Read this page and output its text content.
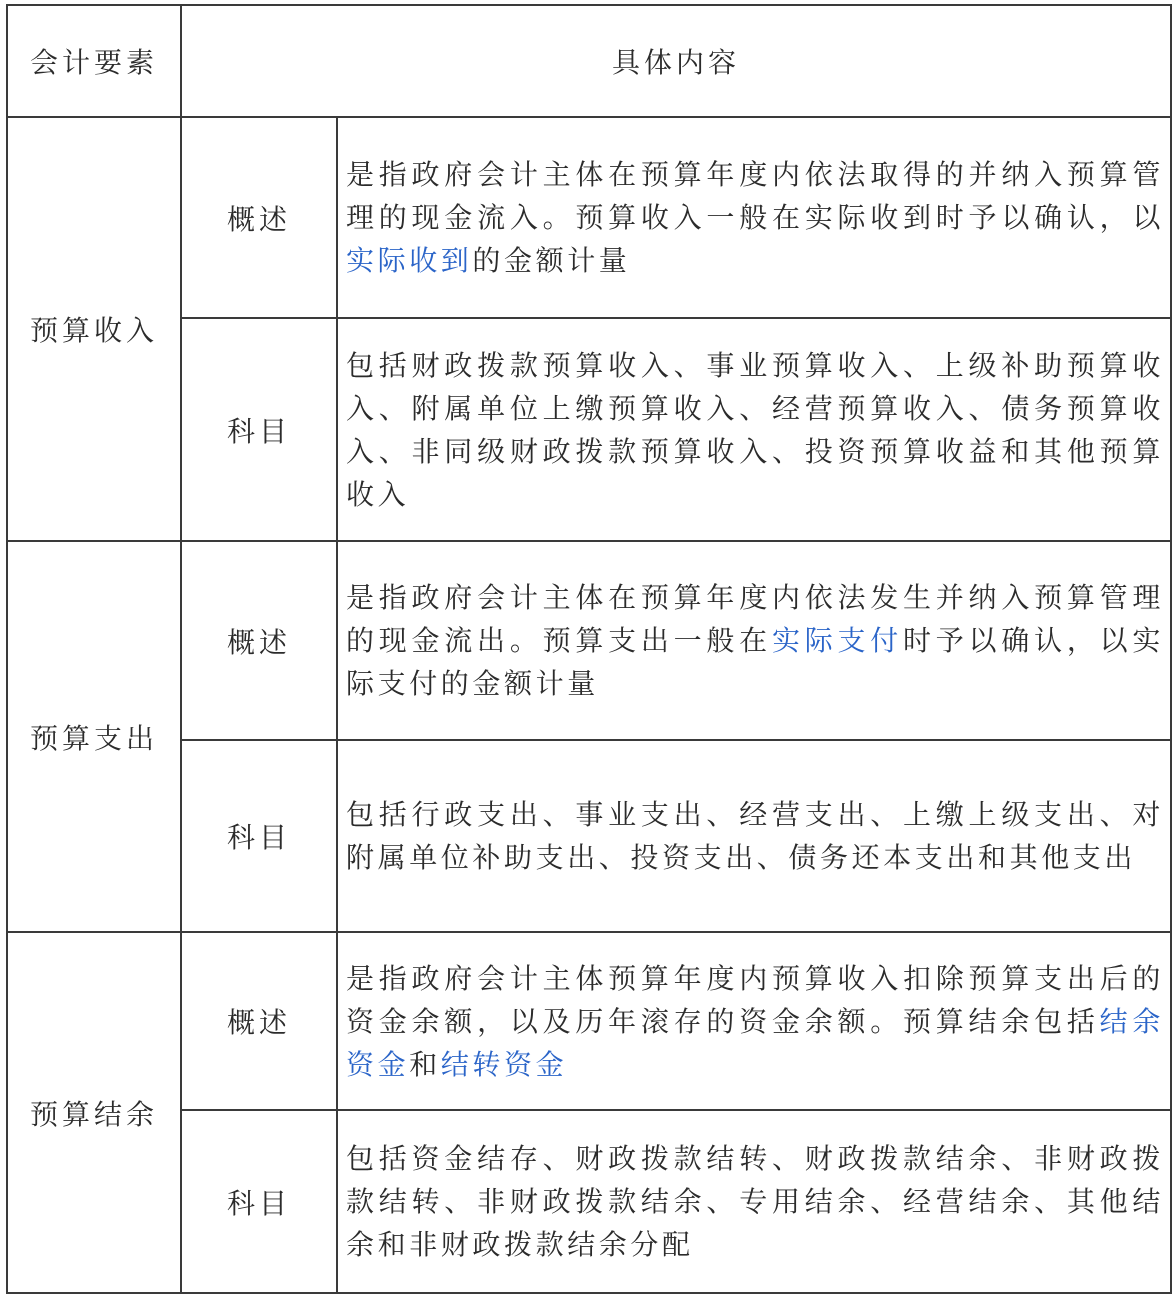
会计要素	具体内容
预算收入
概述
是指政府会计主体在预算年度内依法取得的并纳入预算管理的现金流入。预算收入一般在实际收到时予以确认，以实际收到的金额计量
科目
包括财政拨款预算收入、事业预算收入、上级补助预算收入、附属单位上缴预算收入、经营预算收入、债务预算收入、非同级财政拨款预算收入、投资预算收益和其他预算收入
预算支出
概述
是指政府会计主体在预算年度内依法发生并纳入预算管理的现金流出。预算支出一般在实际支付时予以确认，以实际支付的金额计量
科目
包括行政支出、事业支出、经营支出、上缴上级支出、对附属单位补助支出、投资支出、债务还本支出和其他支出
预算结余
概述
是指政府会计主体预算年度内预算收入扣除预算支出后的资金余额，以及历年滚存的资金余额。预算结余包括结余资金和结转资金
科目
包括资金结存、财政拨款结转、财政拨款结余、非财政拨款结转、非财政拨款结余、专用结余、经营结余、其他结余和非财政拨款结余分配
